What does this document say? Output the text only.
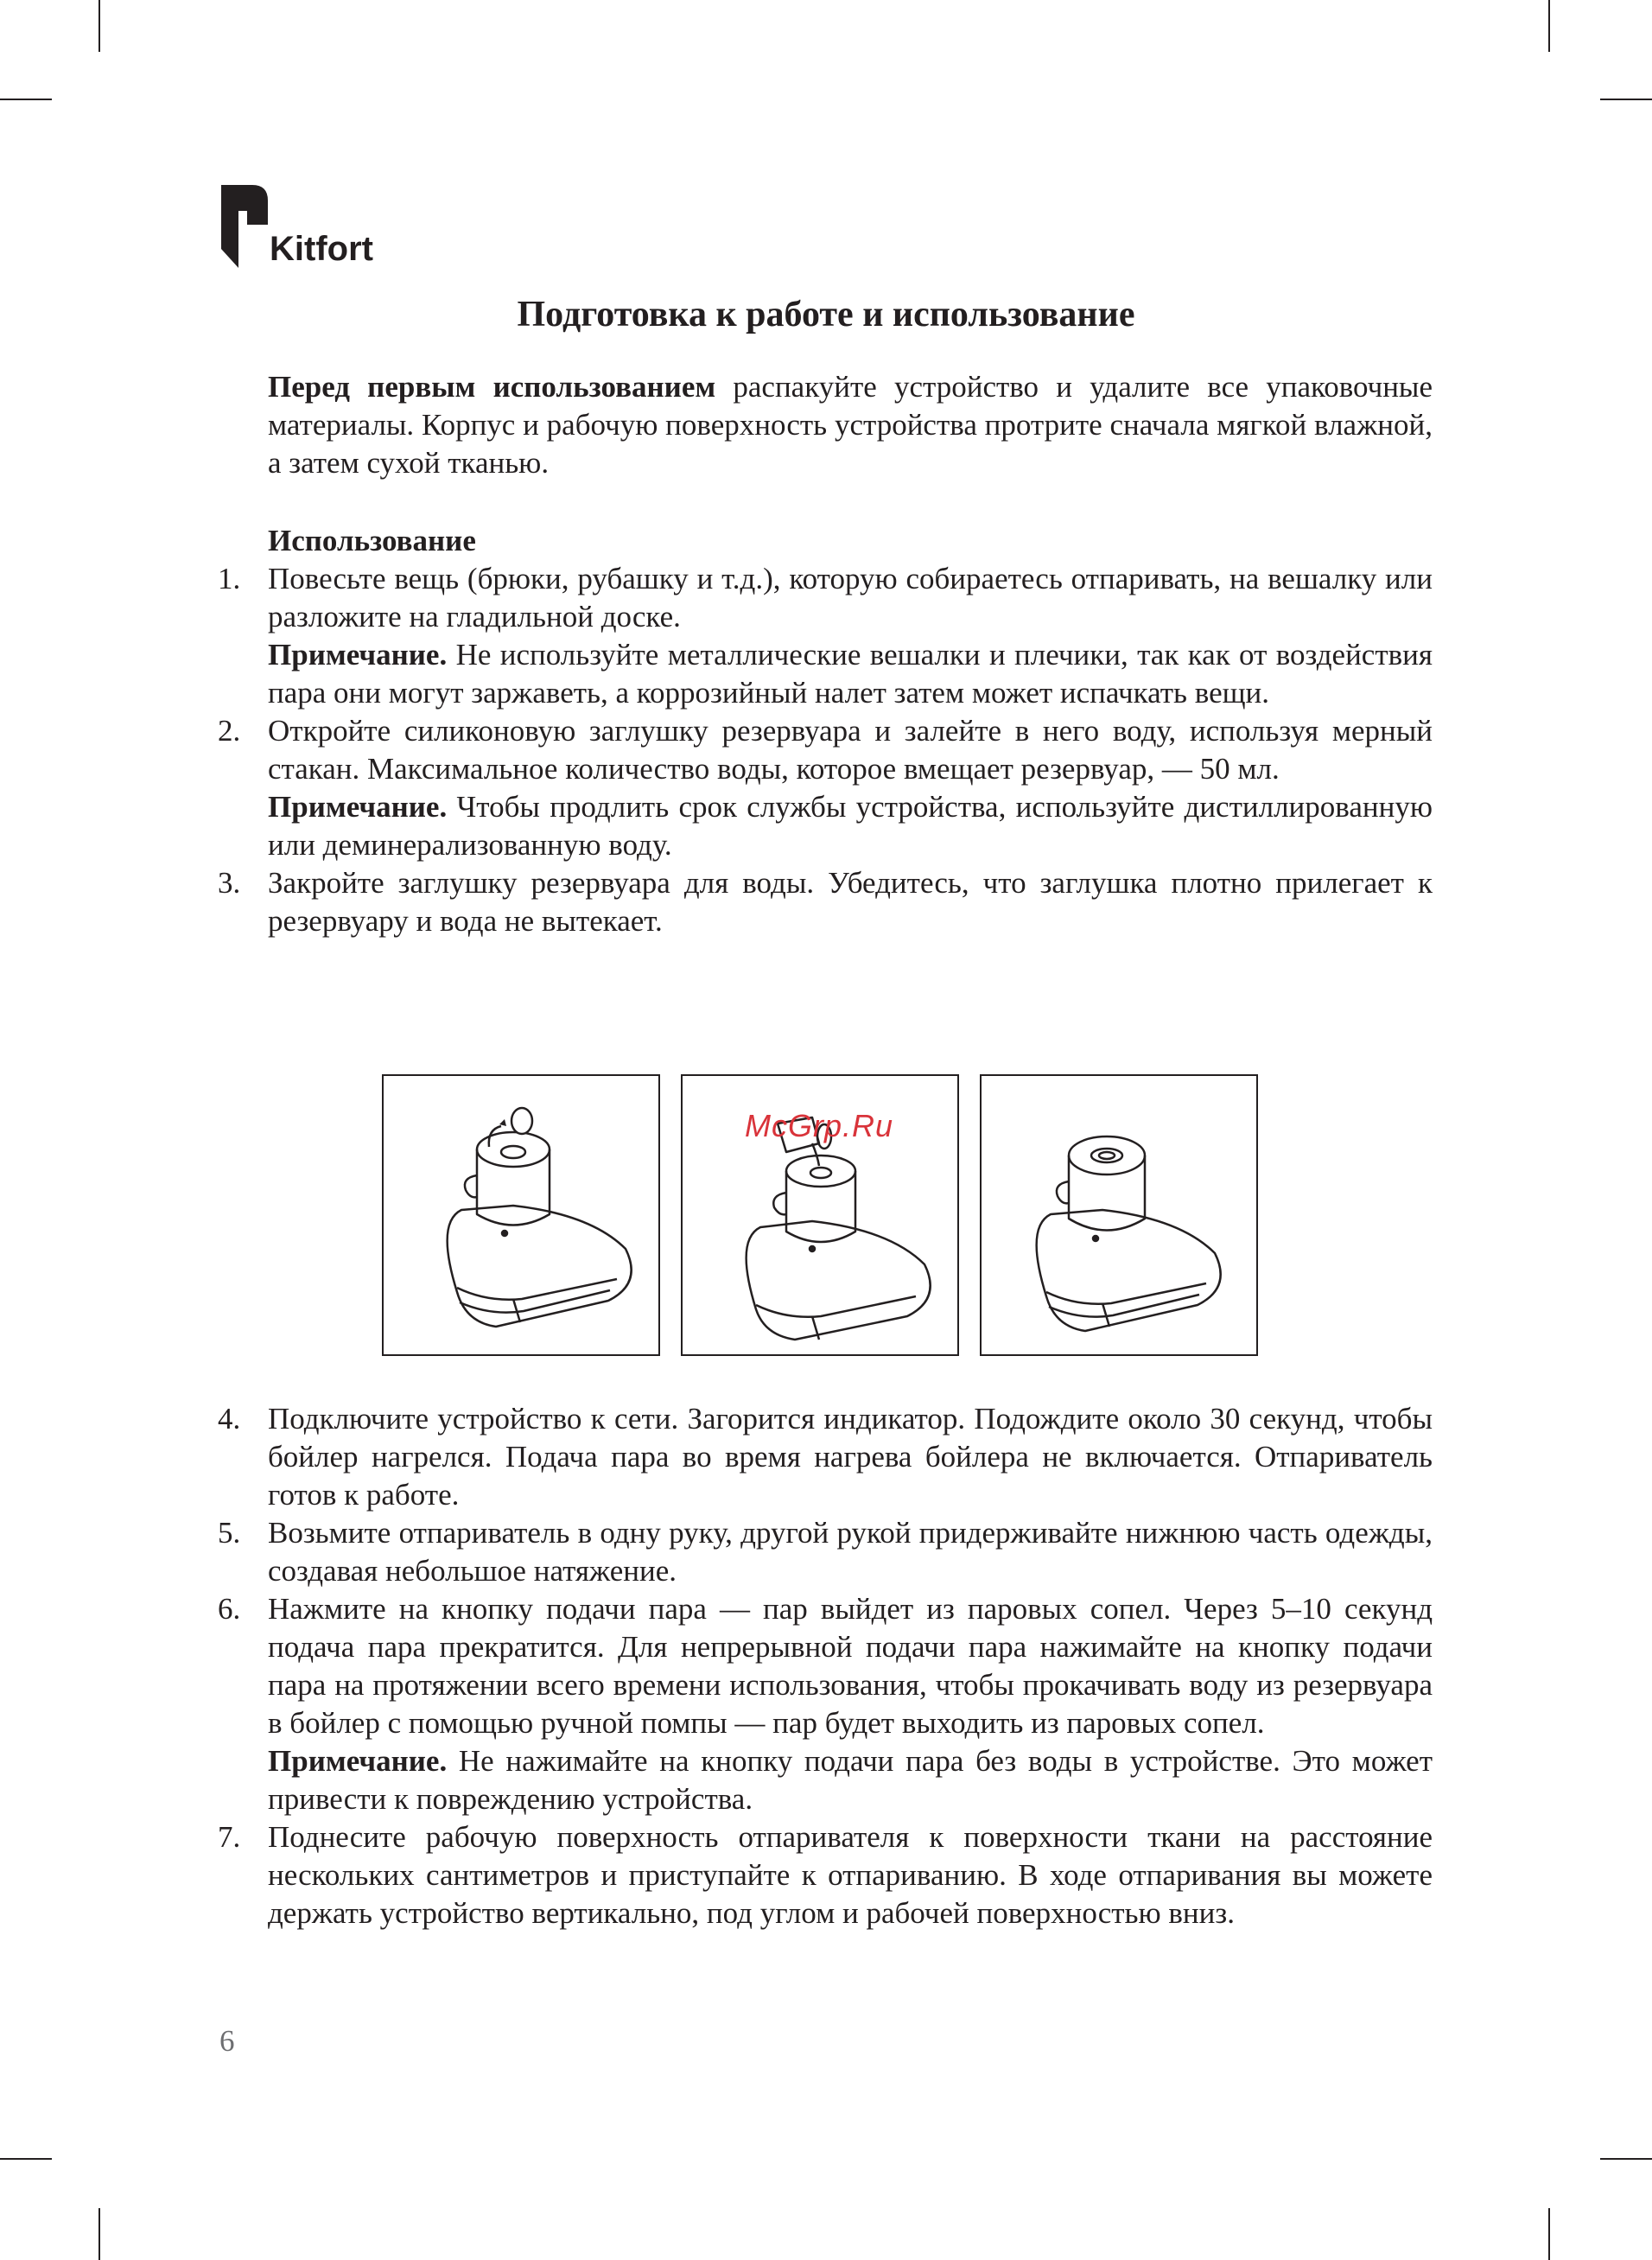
Kitfort
Подготовка к работе и использование
Перед первым использованием распакуйте устройство и удалите все упаковочные материалы. Корпус и рабочую поверхность устройства протрите сначала мягкой влажной, а затем сухой тканью.
Использование
1. Повесьте вещь (брюки, рубашку и т.д.), которую собираетесь отпаривать, на вешалку или разложите на гладильной доске.
Примечание. Не используйте металлические вешалки и плечики, так как от воздействия пара они могут заржаветь, а коррозийный налет затем может испачкать вещи.
2. Откройте силиконовую заглушку резервуара и залейте в него воду, используя мерный стакан. Максимальное количество воды, которое вмещает резервуар, — 50 мл.
Примечание. Чтобы продлить срок службы устройства, используйте дистиллированную или деминерализованную воду.
3. Закройте заглушку резервуара для воды. Убедитесь, что заглушка плотно прилегает к резервуару и вода не вытекает.
McGrp.Ru
4. Подключите устройство к сети. Загорится индикатор. Подождите около 30 секунд, чтобы бойлер нагрелся. Подача пара во время нагрева бойлера не включается. Отпариватель готов к работе.
5. Возьмите отпариватель в одну руку, другой рукой придерживайте нижнюю часть одежды, создавая небольшое натяжение.
6. Нажмите на кнопку подачи пара — пар выйдет из паровых сопел. Через 5–10 секунд подача пара прекратится. Для непрерывной подачи пара нажимайте на кнопку подачи пара на протяжении всего времени использования, чтобы прокачивать воду из резервуара в бойлер с помощью ручной помпы — пар будет выходить из паровых сопел.
Примечание. Не нажимайте на кнопку подачи пара без воды в устройстве. Это может привести к повреждению устройства.
7. Поднесите рабочую поверхность отпаривателя к поверхности ткани на расстояние нескольких сантиметров и приступайте к отпариванию. В ходе отпаривания вы можете держать устройство вертикально, под углом и рабочей поверхностью вниз.
6
